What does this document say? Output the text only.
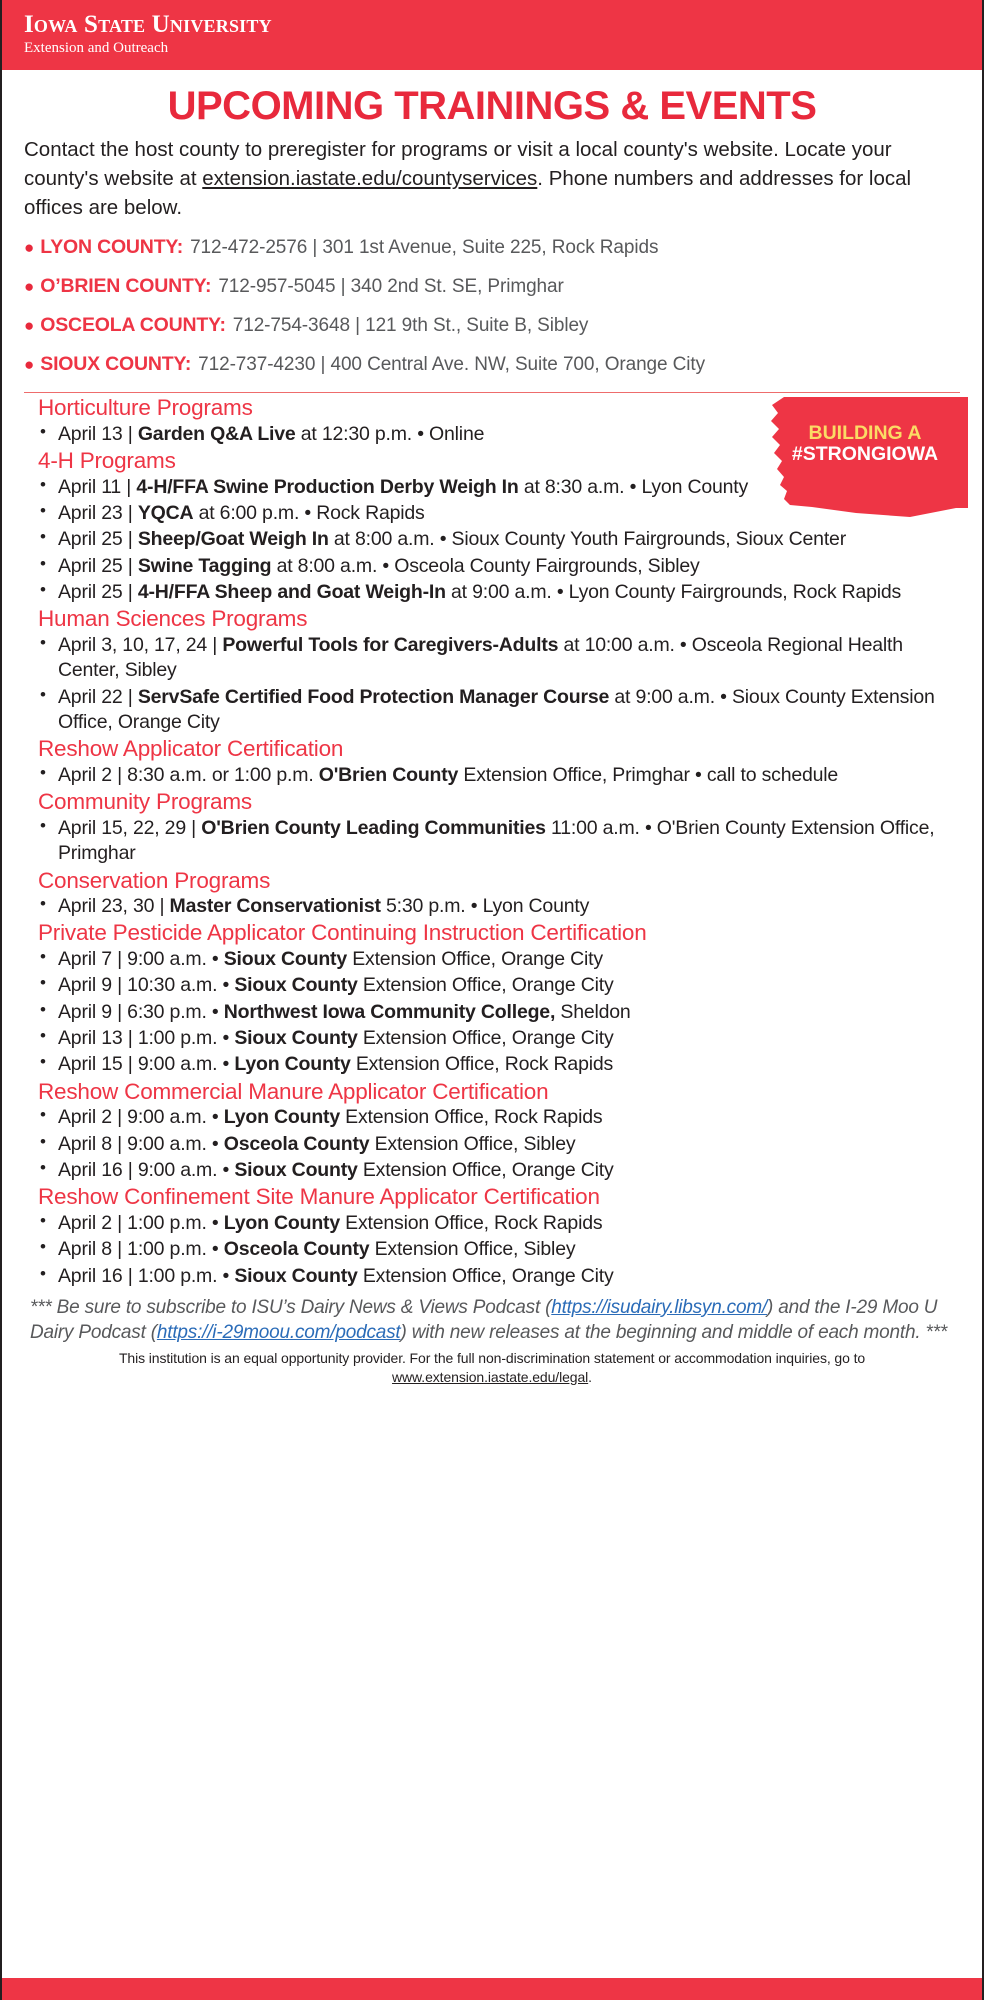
Iowa State University
Extension and Outreach
UPCOMING TRAININGS & EVENTS
Contact the host county to preregister for programs or visit a local county's website. Locate your county's website at extension.iastate.edu/countyservices. Phone numbers and addresses for local offices are below.
● LYON COUNTY: 712-472-2576 | 301 1st Avenue, Suite 225, Rock Rapids
● O’BRIEN COUNTY: 712-957-5045 | 340 2nd St. SE, Primghar
● OSCEOLA COUNTY: 712-754-3648 | 121 9th St., Suite B, Sibley
● SIOUX COUNTY: 712-737-4230 | 400 Central Ave. NW, Suite 700, Orange City
BUILDING A
#STRONGIOWA
Horticulture Programs
• April 13 | Garden Q&A Live at 12:30 p.m. • Online
4-H Programs
• April 11 | 4-H/FFA Swine Production Derby Weigh In at 8:30 a.m. • Lyon County
• April 23 | YQCA at 6:00 p.m. • Rock Rapids
• April 25 | Sheep/Goat Weigh In at 8:00 a.m. • Sioux County Youth Fairgrounds, Sioux Center
• April 25 | Swine Tagging at 8:00 a.m. • Osceola County Fairgrounds, Sibley
• April 25 | 4-H/FFA Sheep and Goat Weigh-In at 9:00 a.m. • Lyon County Fairgrounds, Rock Rapids
Human Sciences Programs
• April 3, 10, 17, 24 | Powerful Tools for Caregivers-Adults at 10:00 a.m. • Osceola Regional Health Center, Sibley
• April 22 | ServSafe Certified Food Protection Manager Course at 9:00 a.m. • Sioux County Extension Office, Orange City
Reshow Applicator Certification
• April 2 | 8:30 a.m. or 1:00 p.m. O'Brien County Extension Office, Primghar • call to schedule
Community Programs
• April 15, 22, 29 | O'Brien County Leading Communities 11:00 a.m. • O'Brien County Extension Office, Primghar
Conservation Programs
• April 23, 30 | Master Conservationist 5:30 p.m. • Lyon County
Private Pesticide Applicator Continuing Instruction Certification
• April 7 | 9:00 a.m. • Sioux County Extension Office, Orange City
• April 9 | 10:30 a.m. • Sioux County Extension Office, Orange City
• April 9 | 6:30 p.m. • Northwest Iowa Community College, Sheldon
• April 13 | 1:00 p.m. • Sioux County Extension Office, Orange City
• April 15 | 9:00 a.m. • Lyon County Extension Office, Rock Rapids
Reshow Commercial Manure Applicator Certification
• April 2 | 9:00 a.m. • Lyon County Extension Office, Rock Rapids
• April 8 | 9:00 a.m. • Osceola County Extension Office, Sibley
• April 16 | 9:00 a.m. • Sioux County Extension Office, Orange City
Reshow Confinement Site Manure Applicator Certification
• April 2 | 1:00 p.m. • Lyon County Extension Office, Rock Rapids
• April 8 | 1:00 p.m. • Osceola County Extension Office, Sibley
• April 16 | 1:00 p.m. • Sioux County Extension Office, Orange City
*** Be sure to subscribe to ISU’s Dairy News & Views Podcast (https://isudairy.libsyn.com/) and the I-29 Moo U Dairy Podcast (https://i-29moou.com/podcast) with new releases at the beginning and middle of each month. ***
This institution is an equal opportunity provider. For the full non-discrimination statement or accommodation inquiries, go to www.extension.iastate.edu/legal.
